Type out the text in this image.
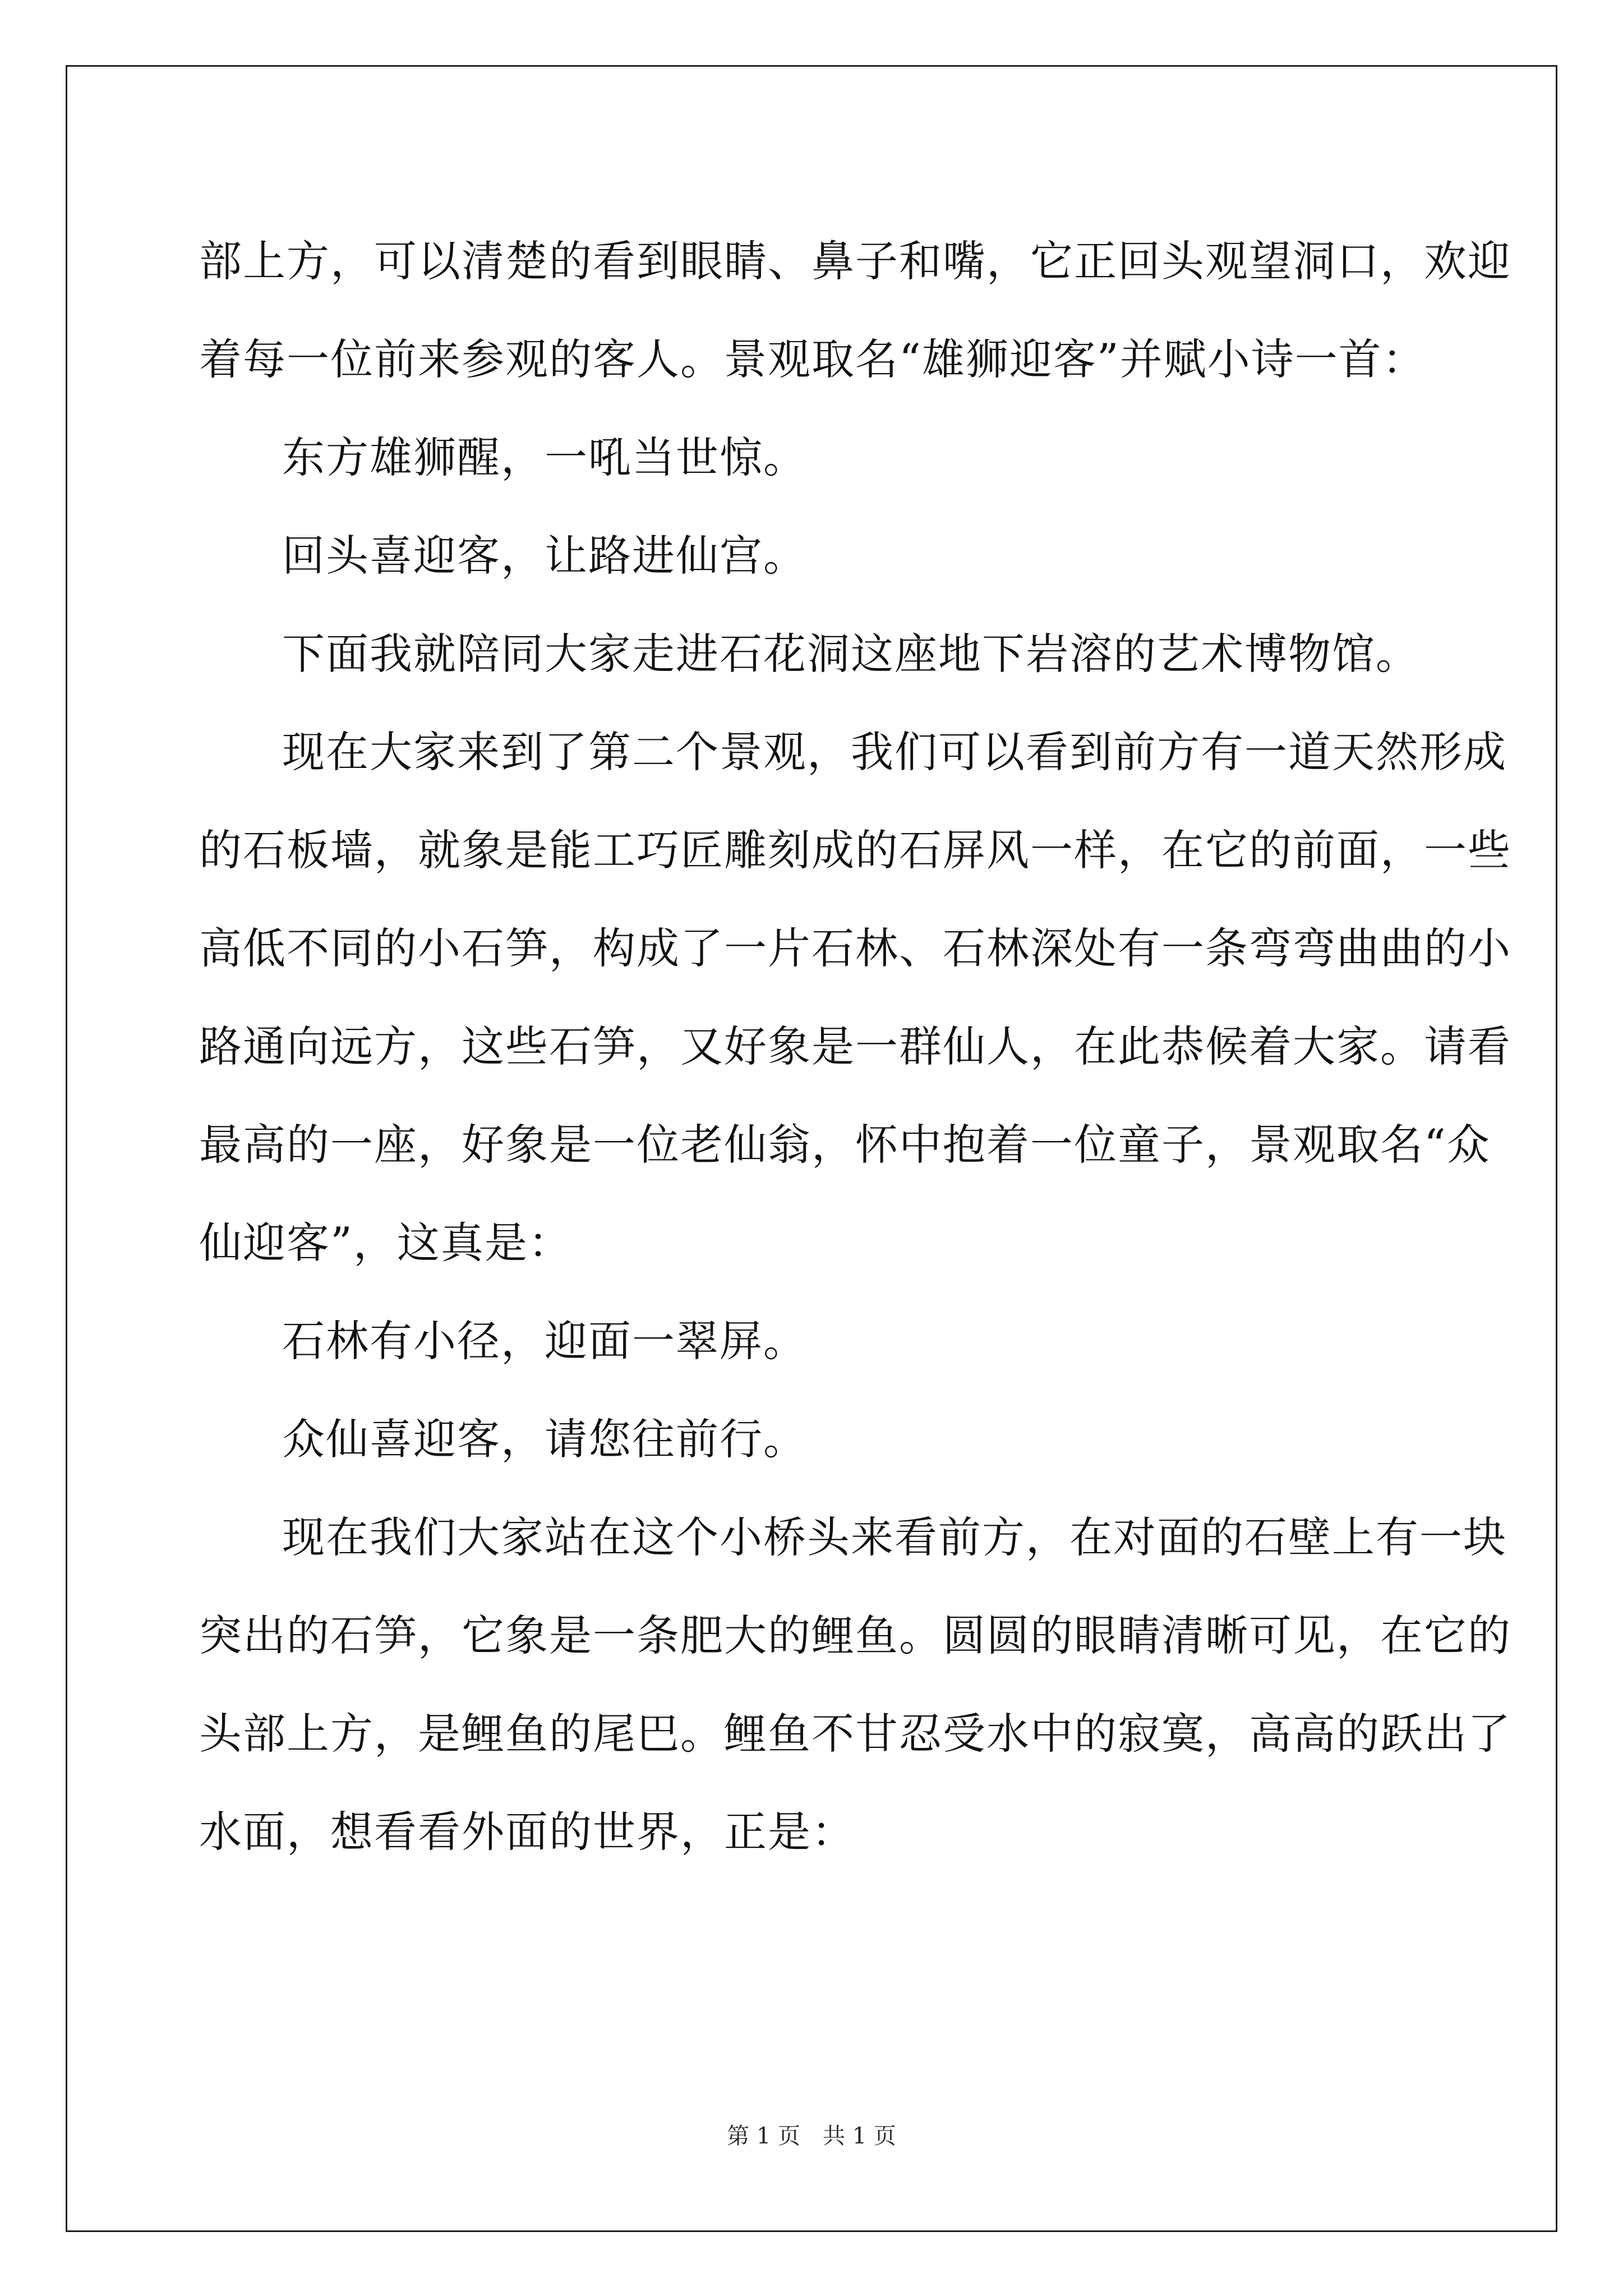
部上方，可以清楚的看到眼睛、鼻子和嘴，它正回头观望洞口，欢迎
着每一位前来参观的客人。景观取名“雄狮迎客”并赋小诗一首：

东方雄狮醒，一吼当世惊。

回头喜迎客，让路进仙宫。

下面我就陪同大家走进石花洞这座地下岩溶的艺术博物馆。

现在大家来到了第二个景观，我们可以看到前方有一道天然形成
的石板墙，就象是能工巧匠雕刻成的石屏风一样，在它的前面，一些
高低不同的小石笋，构成了一片石林、石林深处有一条弯弯曲曲的小
路通向远方，这些石笋，又好象是一群仙人，在此恭候着大家。请看
最高的一座，好象是一位老仙翁，怀中抱着一位童子，景观取名“众
仙迎客”，这真是：

石林有小径，迎面一翠屏。

众仙喜迎客，请您往前行。

现在我们大家站在这个小桥头来看前方，在对面的石壁上有一块
突出的石笋，它象是一条肥大的鲤鱼。圆圆的眼睛清晰可见，在它的
头部上方，是鲤鱼的尾巴。鲤鱼不甘忍受水中的寂寞，高高的跃出了
水面，想看看外面的世界，正是：

第 1 页　共 1 页
